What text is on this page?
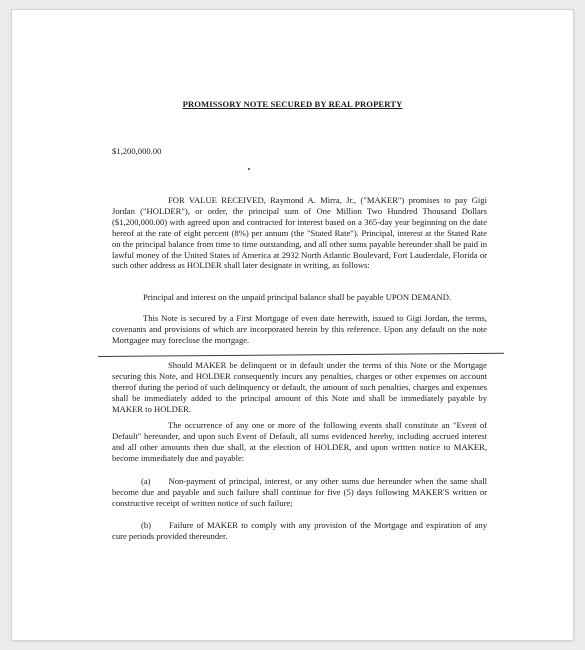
PROMISSORY NOTE SECURED BY REAL PROPERTY

$1,200,000.00

FOR VALUE RECEIVED, Raymond A. Mirra, Jr., ("MAKER") promises to pay Gigi Jordan ("HOLDER"), or order, the principal sum of One Million Two Hundred Thousand Dollars ($1,200,000.00) with agreed upon and contracted for interest based on a 365-day year beginning on the date hereof at the rate of eight percent (8%) per annum (the "Stated Rate"). Principal, interest at the Stated Rate on the principal balance from time to time outstanding, and all other sums payable hereunder shall be paid in lawful money of the United States of America at 2932 North Atlantic Boulevard, Fort Lauderdale, Florida or such other address as HOLDER shall later designate in writing, as follows:

Principal and interest on the unpaid principal balance shall be payable UPON DEMAND.

This Note is secured by a First Mortgage of even date herewith, issued to Gigi Jordan, the terms, covenants and provisions of which are incorporated herein by this reference. Upon any default on the note Mortgagee may foreclose the mortgage.

Should MAKER be delinquent or in default under the terms of this Note or the Mortgage securing this Note, and HOLDER consequently incurs any penalties, charges or other expenses on account thereof during the period of such delinquency or default, the amount of such penalties, charges and expenses shall be immediately added to the principal amount of this Note and shall be immediately payable by MAKER to HOLDER.

The occurrence of any one or more of the following events shall constitute an "Event of Default" hereunder, and upon such Event of Default, all sums evidenced hereby, including accrued interest and all other amounts then due shall, at the election of HOLDER, and upon written notice to MAKER, become immediately due and payable:

(a) Non-payment of principal, interest, or any other sums due hereunder when the same shall become due and payable and such failure shall continue for five (5) days following MAKER'S written or constructive receipt of written notice of such failure;

(b) Failure of MAKER to comply with any provision of the Mortgage and expiration of any cure periods provided thereunder.
